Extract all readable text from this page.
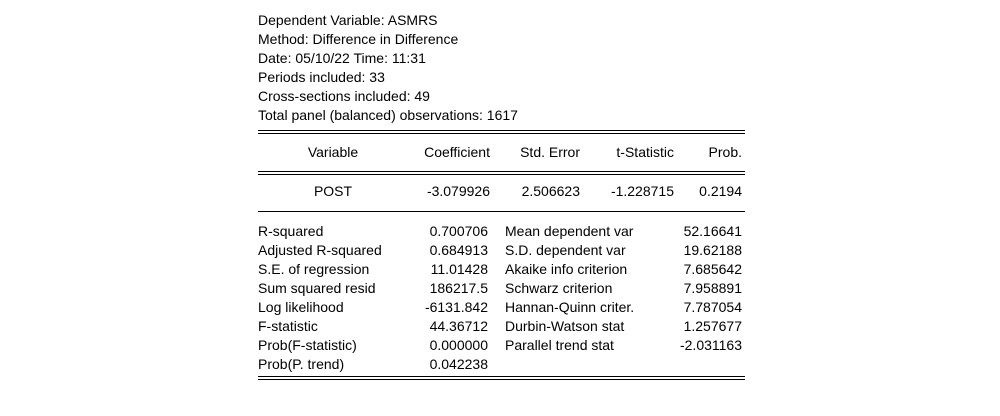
Dependent Variable: ASMRS
Method: Difference in Difference
Date: 05/10/22 Time: 11:31
Periods included: 33
Cross-sections included: 49
Total panel (balanced) observations: 1617
Variable	Coefficient	Std. Error	t-Statistic	Prob.
POST	-3.079926	2.506623	-1.228715	0.2194
R-squared	0.700706 Mean dependent var	52.16641
Adjusted R-squared	0.684913 S.D. dependent var	19.62188
S.E. of regression	11.01428 Akaike info criterion	7.685642
Sum squared resid	186217.5 Schwarz criterion	7.958891
Log likelihood	-6131.842 Hannan-Quinn criter.	7.787054
F-statistic	44.36712 Durbin-Watson stat	1.257677
Prob(F-statistic)	0.000000 Parallel trend stat	-2.031163
Prob(P. trend)	0.042238
